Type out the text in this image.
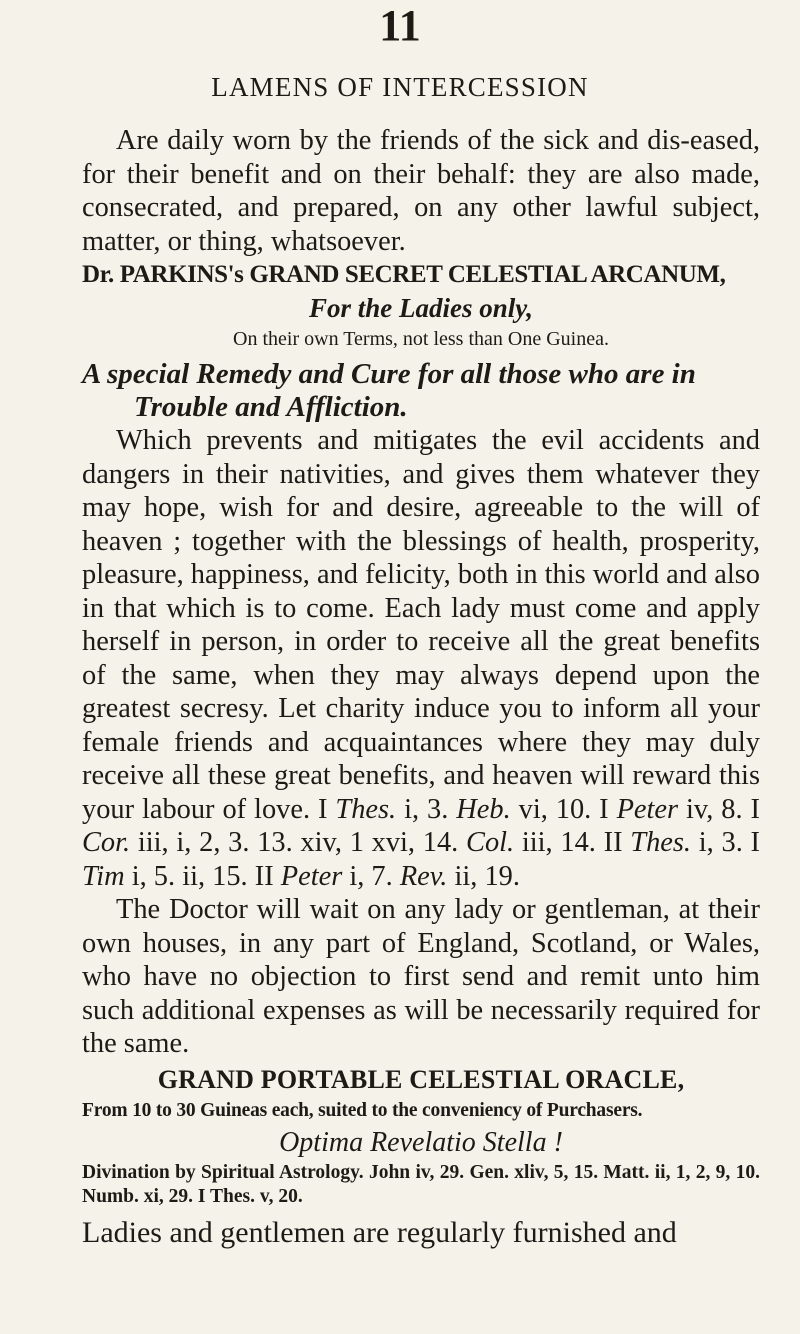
11
LAMENS OF INTERCESSION

Are daily worn by the friends of the sick and dis-eased, for their benefit and on their behalf: they are also made, consecrated, and prepared, on any other lawful subject, matter, or thing, whatsoever.

Dr. PARKINS's GRAND SECRET CELESTIAL ARCANUM,
For the Ladies only,
On their own Terms, not less than One Guinea.
A special Remedy and Cure for all those who are in
Trouble and Affliction.

Which prevents and mitigates the evil accidents and dangers in their nativities, and gives them whatever they may hope, wish for and desire, agreeable to the will of heaven ; together with the blessings of health, prosperity, pleasure, happiness, and felicity, both in this world and also in that which is to come. Each lady must come and apply herself in person, in order to receive all the great benefits of the same, when they may always depend upon the greatest secresy. Let charity induce you to inform all your female friends and acquaintances where they may duly receive all these great benefits, and heaven will reward this your labour of love. I Thes. i, 3. Heb. vi, 10. I Peter iv, 8. I Cor. iii, i, 2, 3. 13. xiv, 1 xvi, 14. Col. iii, 14. II Thes. i, 3. I Tim i, 5. ii, 15. II Peter i, 7. Rev. ii, 19.

The Doctor will wait on any lady or gentleman, at their own houses, in any part of England, Scotland, or Wales, who have no objection to first send and remit unto him such additional expenses as will be necessarily required for the same.

GRAND PORTABLE CELESTIAL ORACLE,
From 10 to 30 Guineas each, suited to the conveniency of Purchasers.
Optima Revelatio Stella !
Divination by Spiritual Astrology. John iv, 29. Gen. xliv, 5, 15. Matt. ii, 1, 2, 9, 10. Numb. xi, 29. I Thes. v, 20.
Ladies and gentlemen are regularly furnished and
